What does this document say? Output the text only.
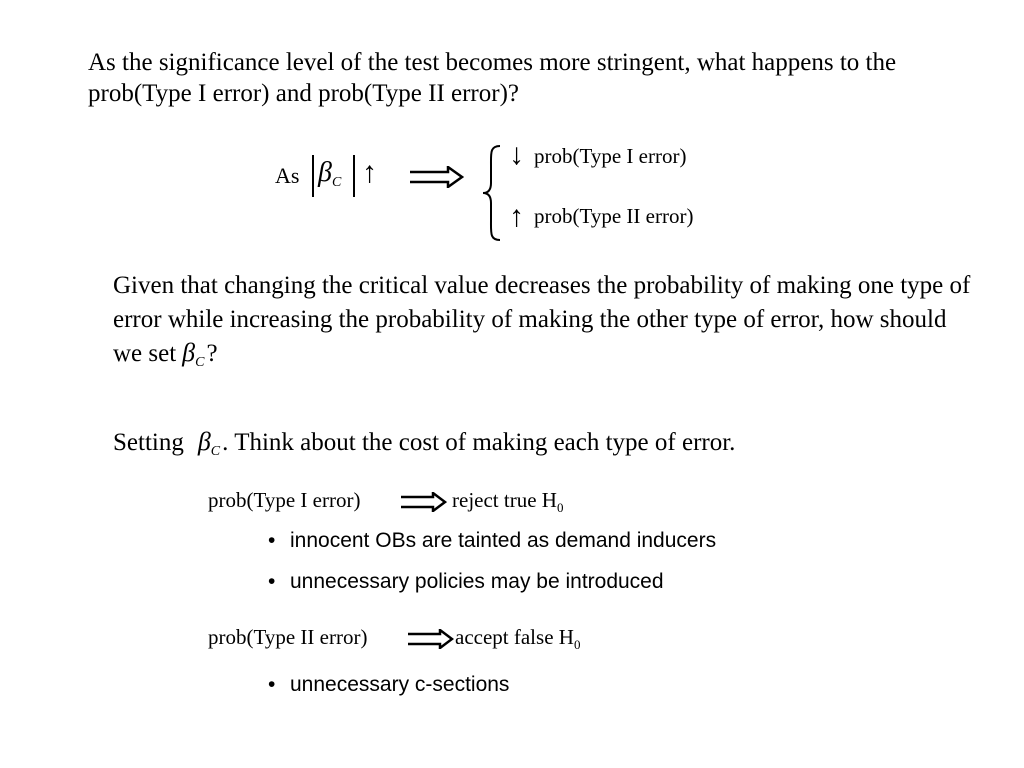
As the significance level of the test becomes more stringent, what happens to the prob(Type I error) and prob(Type II error)?
As $\beta_C$ ↑
↓ prob(Type I error)
↑ prob(Type II error)
Given that changing the critical value decreases the probability of making one type of error while increasing the probability of making the other type of error, how should we set $\beta_C$?
Setting $\beta_C$. Think about the cost of making each type of error.
prob(Type I error)	reject true $H_0$
• innocent OBs are tainted as demand inducers
• unnecessary policies may be introduced
prob(Type II error)	accept false $H_0$
• unnecessary c-sections
